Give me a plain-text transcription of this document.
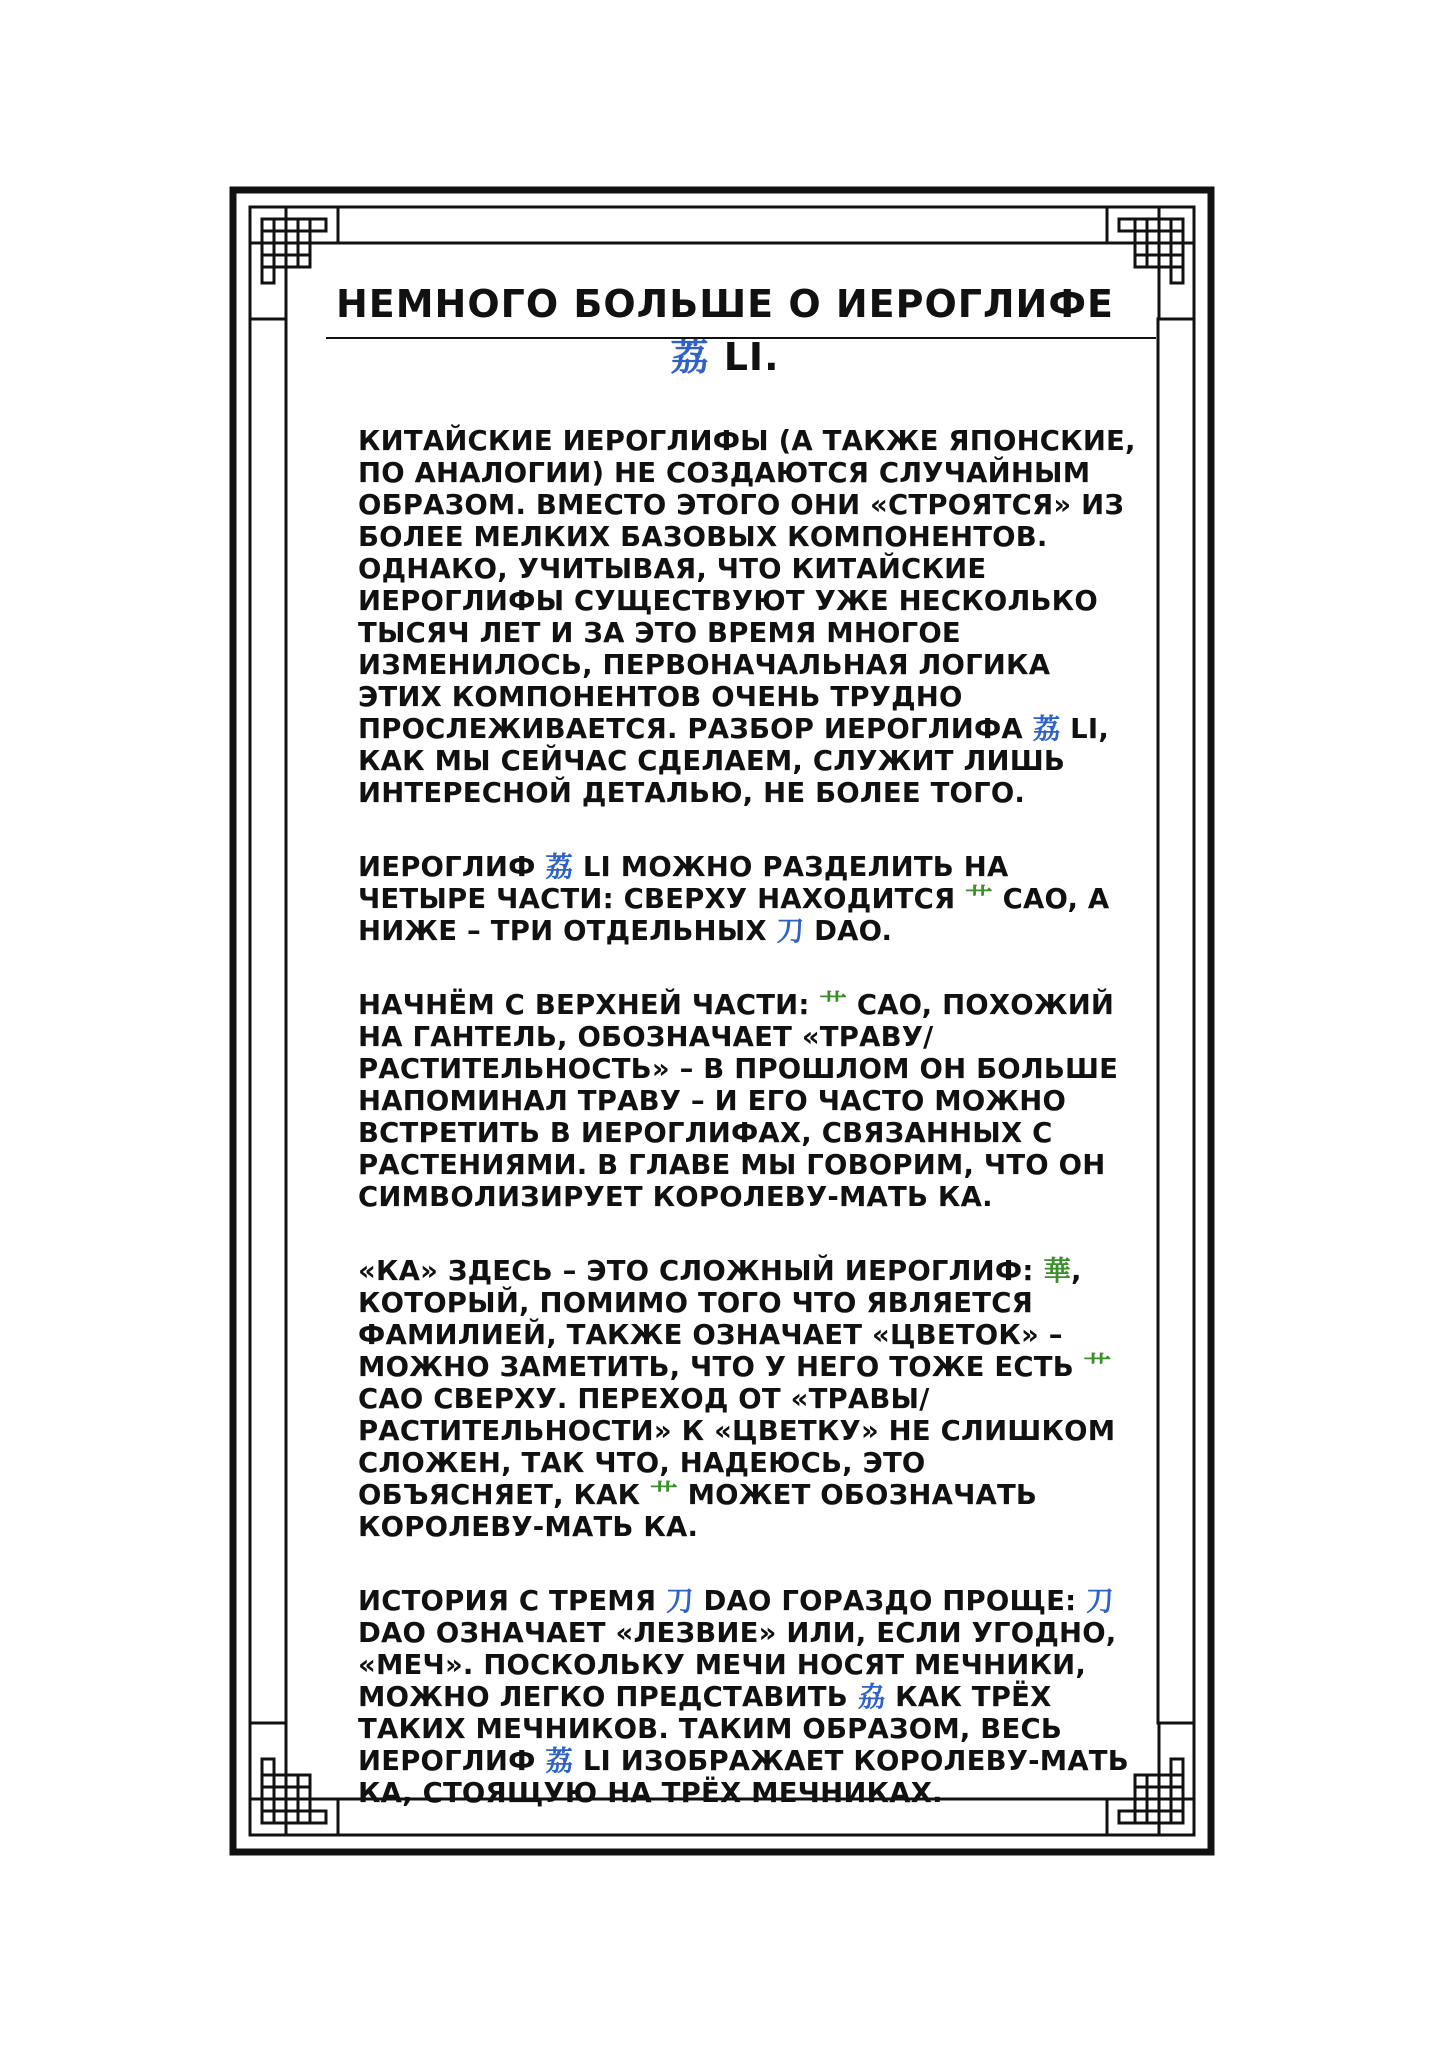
НЕМНОГО БОЛЬШЕ О ИЕРОГЛИФЕ 荔 LI.

КИТАЙСКИЕ ИЕРОГЛИФЫ (А ТАКЖЕ ЯПОНСКИЕ, ПО АНАЛОГИИ) НЕ СОЗДАЮТСЯ СЛУЧАЙНЫМ ОБРАЗОМ. ВМЕСТО ЭТОГО ОНИ «СТРОЯТСЯ» ИЗ БОЛЕЕ МЕЛКИХ БАЗОВЫХ КОМПОНЕНТОВ. ОДНАКО, УЧИТЫВАЯ, ЧТО КИТАЙСКИЕ ИЕРОГЛИФЫ СУЩЕСТВУЮТ УЖЕ НЕСКОЛЬКО ТЫСЯЧ ЛЕТ И ЗА ЭТО ВРЕМЯ МНОГОЕ ИЗМЕНИЛОСЬ, ПЕРВОНАЧАЛЬНАЯ ЛОГИКА ЭТИХ КОМПОНЕНТОВ ОЧЕНЬ ТРУДНО ПРОСЛЕЖИВАЕТСЯ. РАЗБОР ИЕРОГЛИФА 荔 LI, КАК МЫ СЕЙЧАС СДЕЛАЕМ, СЛУЖИТ ЛИШЬ ИНТЕРЕСНОЙ ДЕТАЛЬЮ, НЕ БОЛЕЕ ТОГО.

ИЕРОГЛИФ 荔 LI МОЖНО РАЗДЕЛИТЬ НА ЧЕТЫРЕ ЧАСТИ: СВЕРХУ НАХОДИТСЯ 艹 CAO, А НИЖЕ – ТРИ ОТДЕЛЬНЫХ 刀 DAO.

НАЧНЁМ С ВЕРХНЕЙ ЧАСТИ: 艹 CAO, ПОХОЖИЙ НА ГАНТЕЛЬ, ОБОЗНАЧАЕТ «ТРАВУ/РАСТИТЕЛЬНОСТЬ» – В ПРОШЛОМ ОН БОЛЬШЕ НАПОМИНАЛ ТРАВУ – И ЕГО ЧАСТО МОЖНО ВСТРЕТИТЬ В ИЕРОГЛИФАХ, СВЯЗАННЫХ С РАСТЕНИЯМИ. В ГЛАВЕ МЫ ГОВОРИМ, ЧТО ОН СИМВОЛИЗИРУЕТ КОРОЛЕВУ-МАТЬ КА.

«КА» ЗДЕСЬ – ЭТО СЛОЖНЫЙ ИЕРОГЛИФ: 華, КОТОРЫЙ, ПОМИМО ТОГО ЧТО ЯВЛЯЕТСЯ ФАМИЛИЕЙ, ТАКЖЕ ОЗНАЧАЕТ «ЦВЕТОК» – МОЖНО ЗАМЕТИТЬ, ЧТО У НЕГО ТОЖЕ ЕСТЬ 艹 CAO СВЕРХУ. ПЕРЕХОД ОТ «ТРАВЫ/РАСТИТЕЛЬНОСТИ» К «ЦВЕТКУ» НЕ СЛИШКОМ СЛОЖЕН, ТАК ЧТО, НАДЕЮСЬ, ЭТО ОБЪЯСНЯЕТ, КАК 艹 МОЖЕТ ОБОЗНАЧАТЬ КОРОЛЕВУ-МАТЬ КА.

ИСТОРИЯ С ТРЕМЯ 刀 DAO ГОРАЗДО ПРОЩЕ: 刀 DAO ОЗНАЧАЕТ «ЛЕЗВИЕ» ИЛИ, ЕСЛИ УГОДНО, «МЕЧ». ПОСКОЛЬКУ МЕЧИ НОСЯТ МЕЧНИКИ, МОЖНО ЛЕГКО ПРЕДСТАВИТЬ 劦 КАК ТРЁХ ТАКИХ МЕЧНИКОВ. ТАКИМ ОБРАЗОМ, ВЕСЬ ИЕРОГЛИФ 荔 LI ИЗОБРАЖАЕТ КОРОЛЕВУ-МАТЬ КА, СТОЯЩУЮ НА ТРЁХ МЕЧНИКАХ.
